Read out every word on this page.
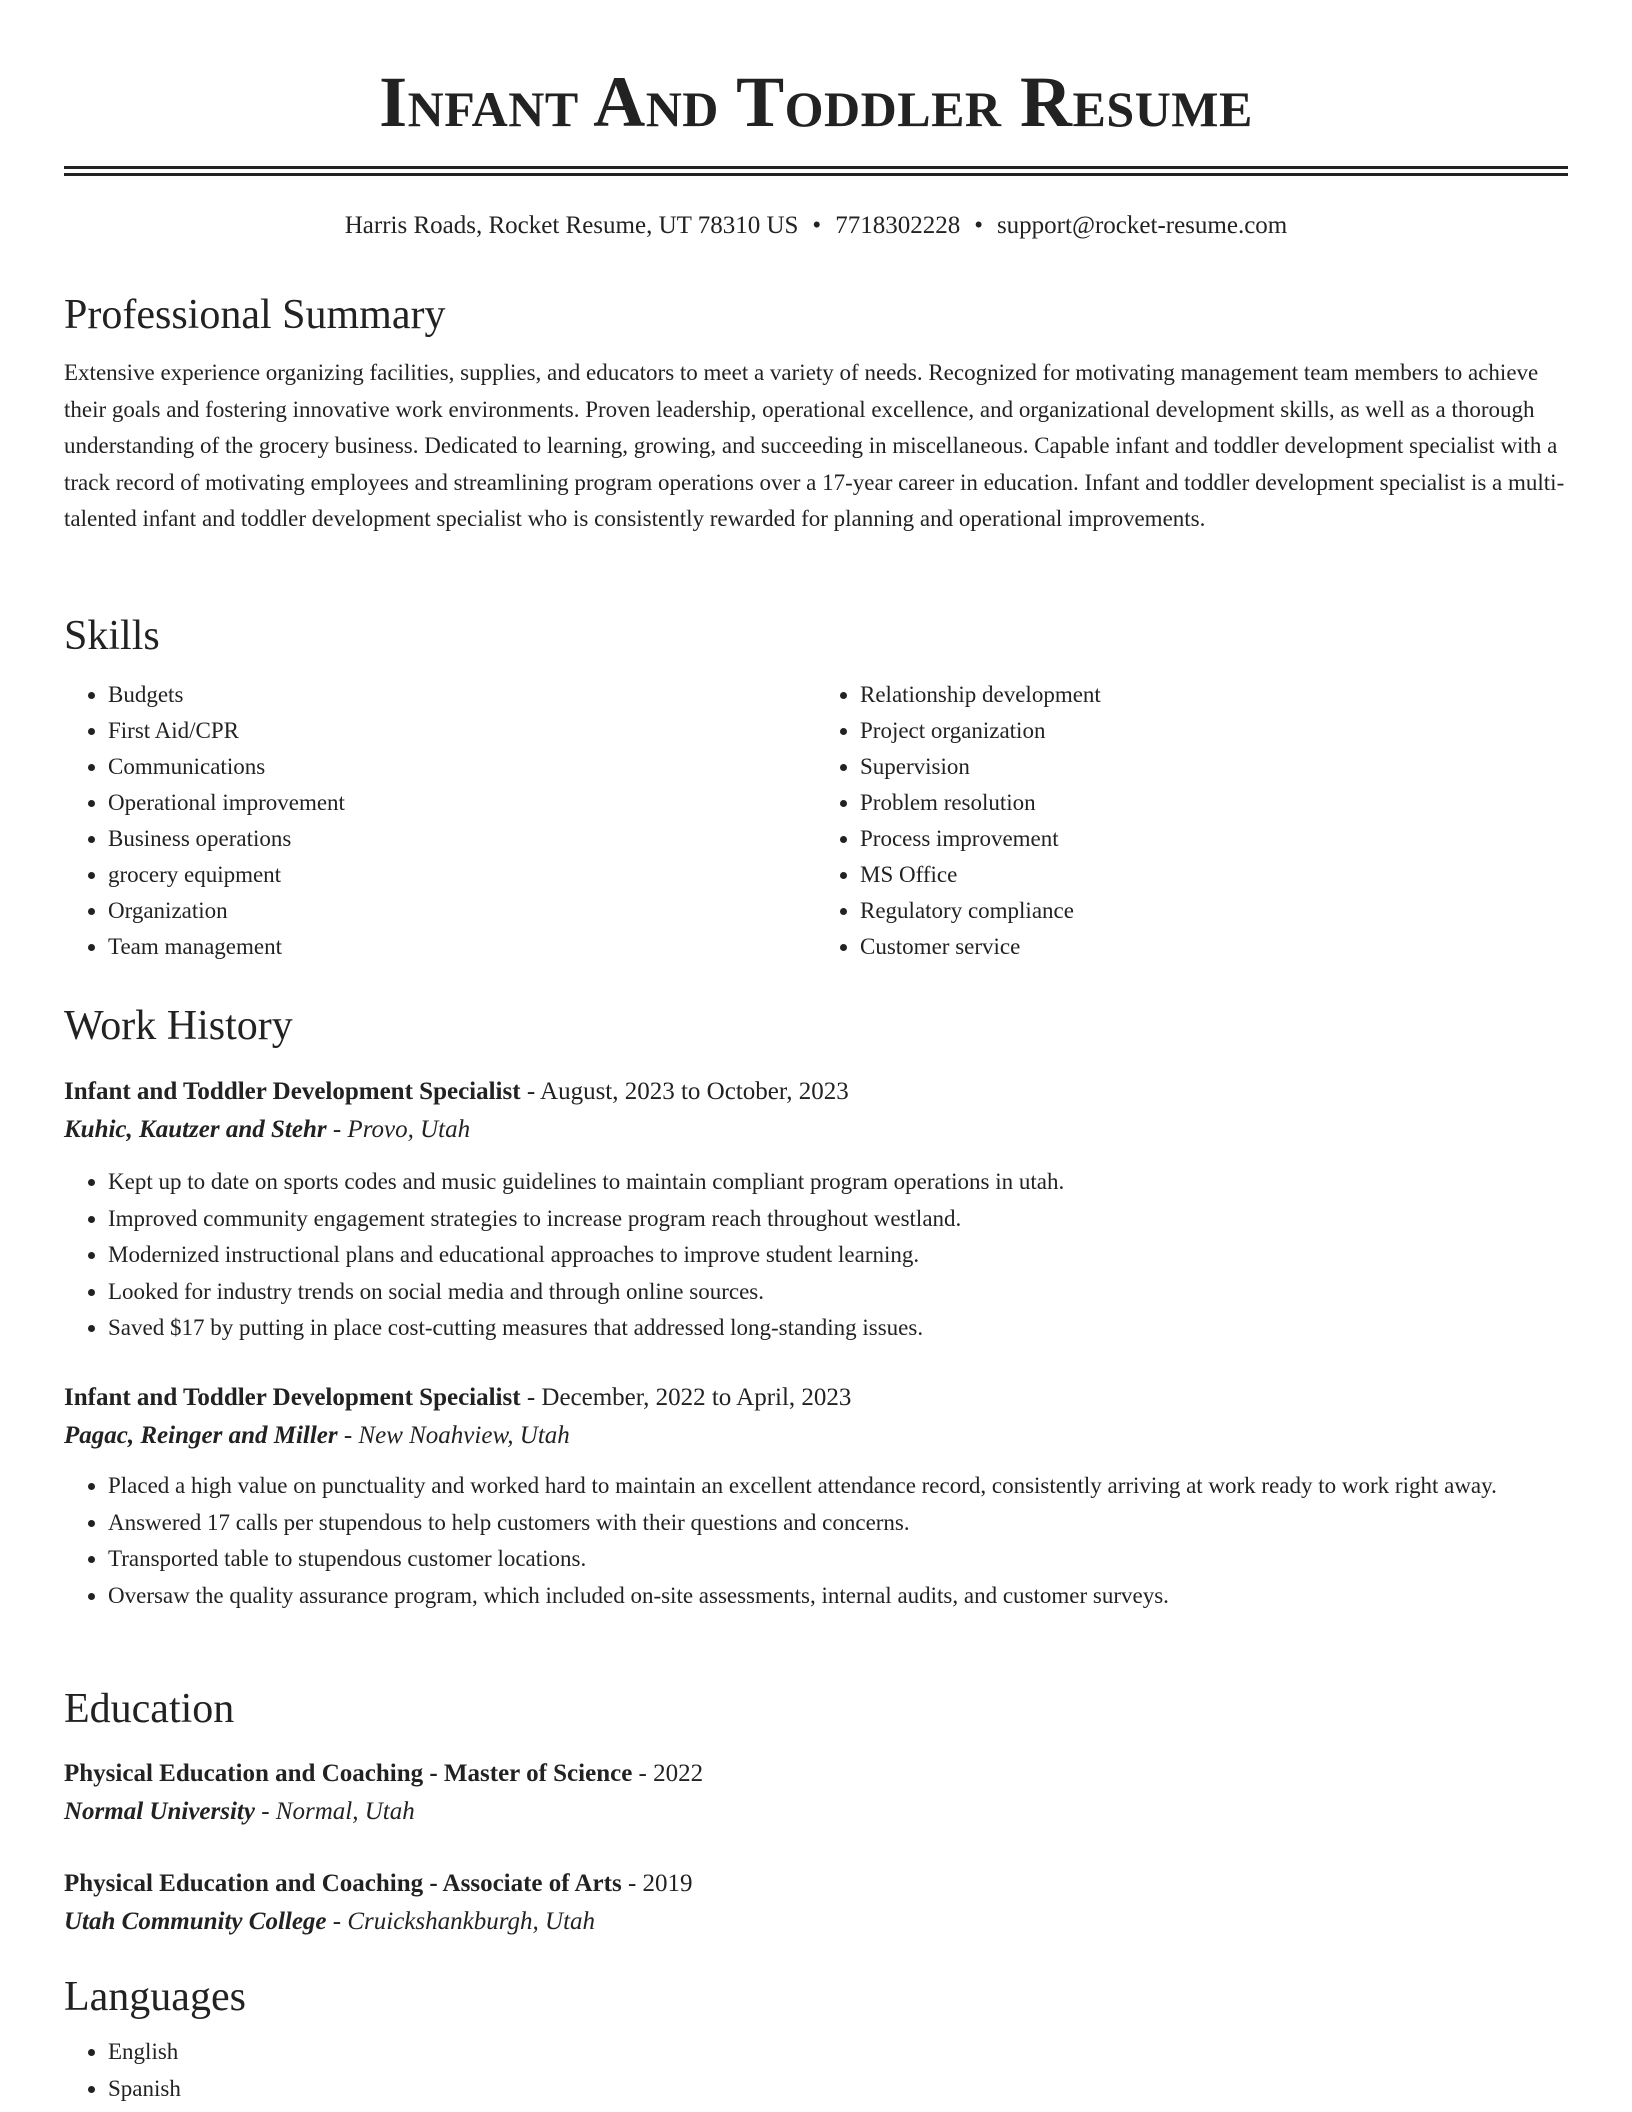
Infant And Toddler Resume
Harris Roads, Rocket Resume, UT 78310 US • 7718302228 • support@rocket-resume.com
Professional Summary

Extensive experience organizing facilities, supplies, and educators to meet a variety of needs. Recognized for motivating management team members to achieve their goals and fostering innovative work environments. Proven leadership, operational excellence, and organizational development skills, as well as a thorough understanding of the grocery business. Dedicated to learning, growing, and succeeding in miscellaneous. Capable infant and toddler development specialist with a track record of motivating employees and streamlining program operations over a 17-year career in education. Infant and toddler development specialist is a multi-talented infant and toddler development specialist who is consistently rewarded for planning and operational improvements.

Skills
• Budgets
• First Aid/CPR
• Communications
• Operational improvement
• Business operations
• grocery equipment
• Organization
• Team management
• Relationship development
• Project organization
• Supervision
• Problem resolution
• Process improvement
• MS Office
• Regulatory compliance
• Customer service
Work History
Infant and Toddler Development Specialist - August, 2023 to October, 2023
Kuhic, Kautzer and Stehr - Provo, Utah
• Kept up to date on sports codes and music guidelines to maintain compliant program operations in utah.
• Improved community engagement strategies to increase program reach throughout westland.
• Modernized instructional plans and educational approaches to improve student learning.
• Looked for industry trends on social media and through online sources.
• Saved $17 by putting in place cost-cutting measures that addressed long-standing issues.
Infant and Toddler Development Specialist - December, 2022 to April, 2023
Pagac, Reinger and Miller - New Noahview, Utah
• Placed a high value on punctuality and worked hard to maintain an excellent attendance record, consistently arriving at work ready to work right away.
• Answered 17 calls per stupendous to help customers with their questions and concerns.
• Transported table to stupendous customer locations.
• Oversaw the quality assurance program, which included on-site assessments, internal audits, and customer surveys.
Education
Physical Education and Coaching - Master of Science - 2022
Normal University - Normal, Utah
Physical Education and Coaching - Associate of Arts - 2019
Utah Community College - Cruickshankburgh, Utah
Languages
• English
• Spanish
